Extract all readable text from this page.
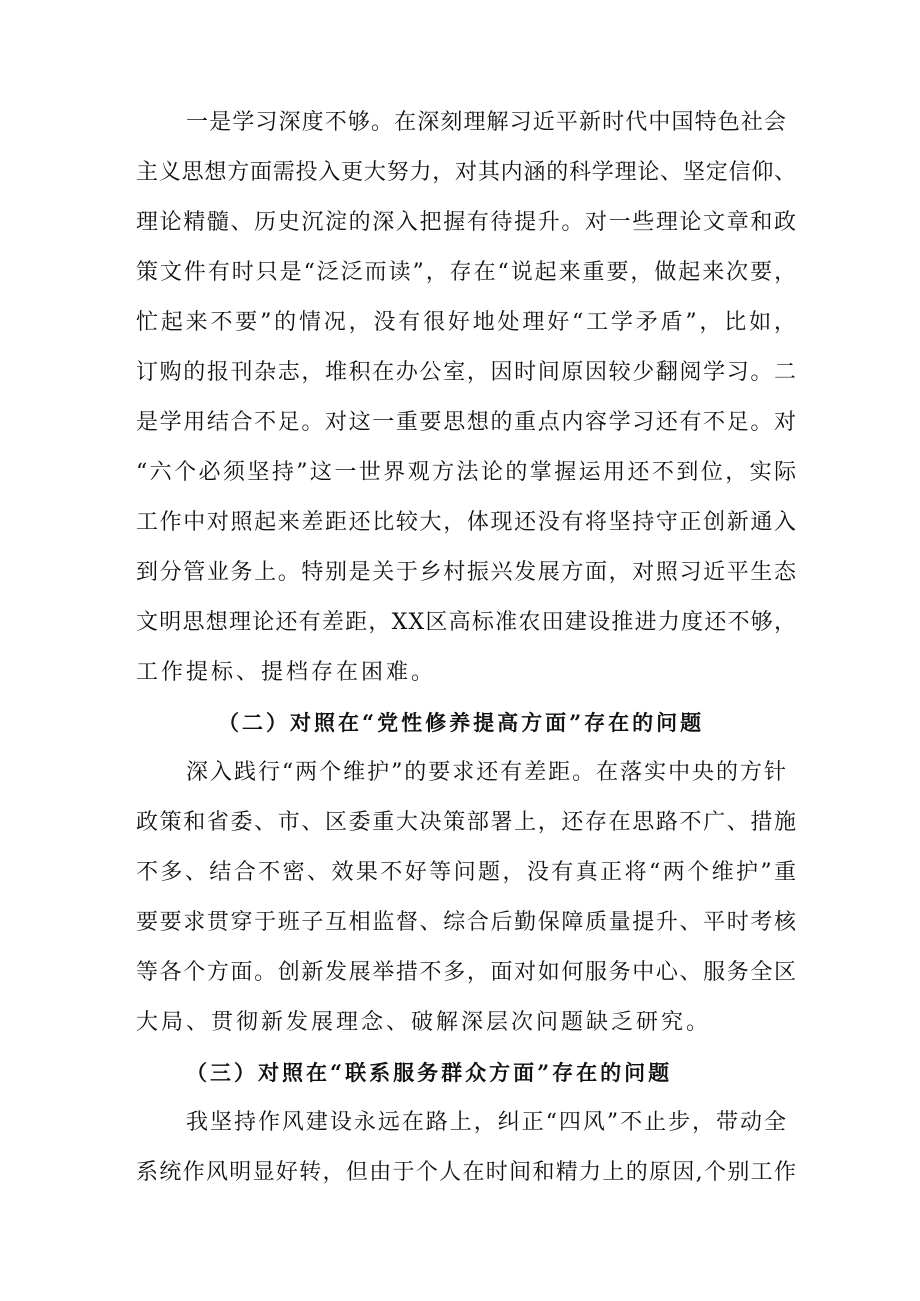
一是学习深度不够。在深刻理解习近平新时代中国特色社会
主义思想方面需投入更大努力，对其内涵的科学理论、坚定信仰、
理论精髓、历史沉淀的深入把握有待提升。对一些理论文章和政
策文件有时只是“泛泛而读”，存在“说起来重要，做起来次要，
忙起来不要”的情况，没有很好地处理好“工学矛盾”，比如，
订购的报刊杂志，堆积在办公室，因时间原因较少翻阅学习。二
是学用结合不足。对这一重要思想的重点内容学习还有不足。对
“六个必须坚持”这一世界观方法论的掌握运用还不到位，实际
工作中对照起来差距还比较大，体现还没有将坚持守正创新通入
到分管业务上。特别是关于乡村振兴发展方面，对照习近平生态
文明思想理论还有差距，XX区高标准农田建设推进力度还不够，
工作提标、提档存在困难。
（二）对照在“党性修养提高方面”存在的问题
深入践行“两个维护”的要求还有差距。在落实中央的方针
政策和省委、市、区委重大决策部署上，还存在思路不广、措施
不多、结合不密、效果不好等问题，没有真正将“两个维护”重
要要求贯穿于班子互相监督、综合后勤保障质量提升、平时考核
等各个方面。创新发展举措不多，面对如何服务中心、服务全区
大局、贯彻新发展理念、破解深层次问题缺乏研究。
（三）对照在“联系服务群众方面”存在的问题
我坚持作风建设永远在路上，纠正“四风”不止步，带动全
系统作风明显好转，但由于个人在时间和精力上的原因,个别工作
